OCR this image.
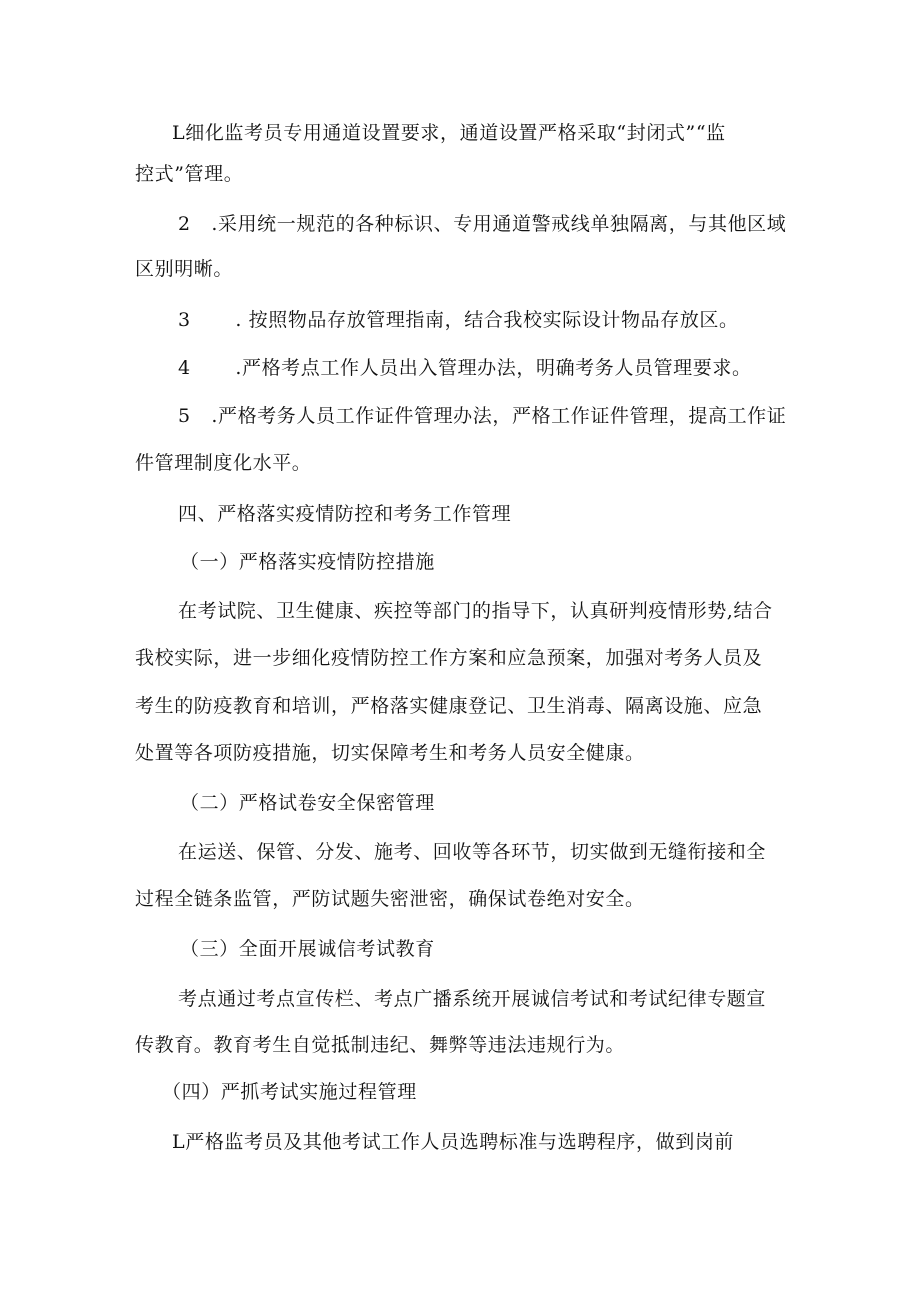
L细化监考员专用通道设置要求，通道设置严格采取“封闭式”“监
控式”管理。
2 .采用统一规范的各种标识、专用通道警戒线单独隔离，与其他区域
区别明晰。
3 . 按照物品存放管理指南，结合我校实际设计物品存放区。
4 .严格考点工作人员出入管理办法，明确考务人员管理要求。
5 .严格考务人员工作证件管理办法，严格工作证件管理，提高工作证
件管理制度化水平。
四、严格落实疫情防控和考务工作管理
（一）严格落实疫情防控措施
在考试院、卫生健康、疾控等部门的指导下，认真研判疫情形势,结合
我校实际，进一步细化疫情防控工作方案和应急预案，加强对考务人员及
考生的防疫教育和培训，严格落实健康登记、卫生消毒、隔离设施、应急
处置等各项防疫措施，切实保障考生和考务人员安全健康。
（二）严格试卷安全保密管理
在运送、保管、分发、施考、回收等各环节，切实做到无缝衔接和全
过程全链条监管，严防试题失密泄密，确保试卷绝对安全。
（三）全面开展诚信考试教育
考点通过考点宣传栏、考点广播系统开展诚信考试和考试纪律专题宣
传教育。教育考生自觉抵制违纪、舞弊等违法违规行为。
（四）严抓考试实施过程管理
L严格监考员及其他考试工作人员选聘标准与选聘程序，做到岗前
